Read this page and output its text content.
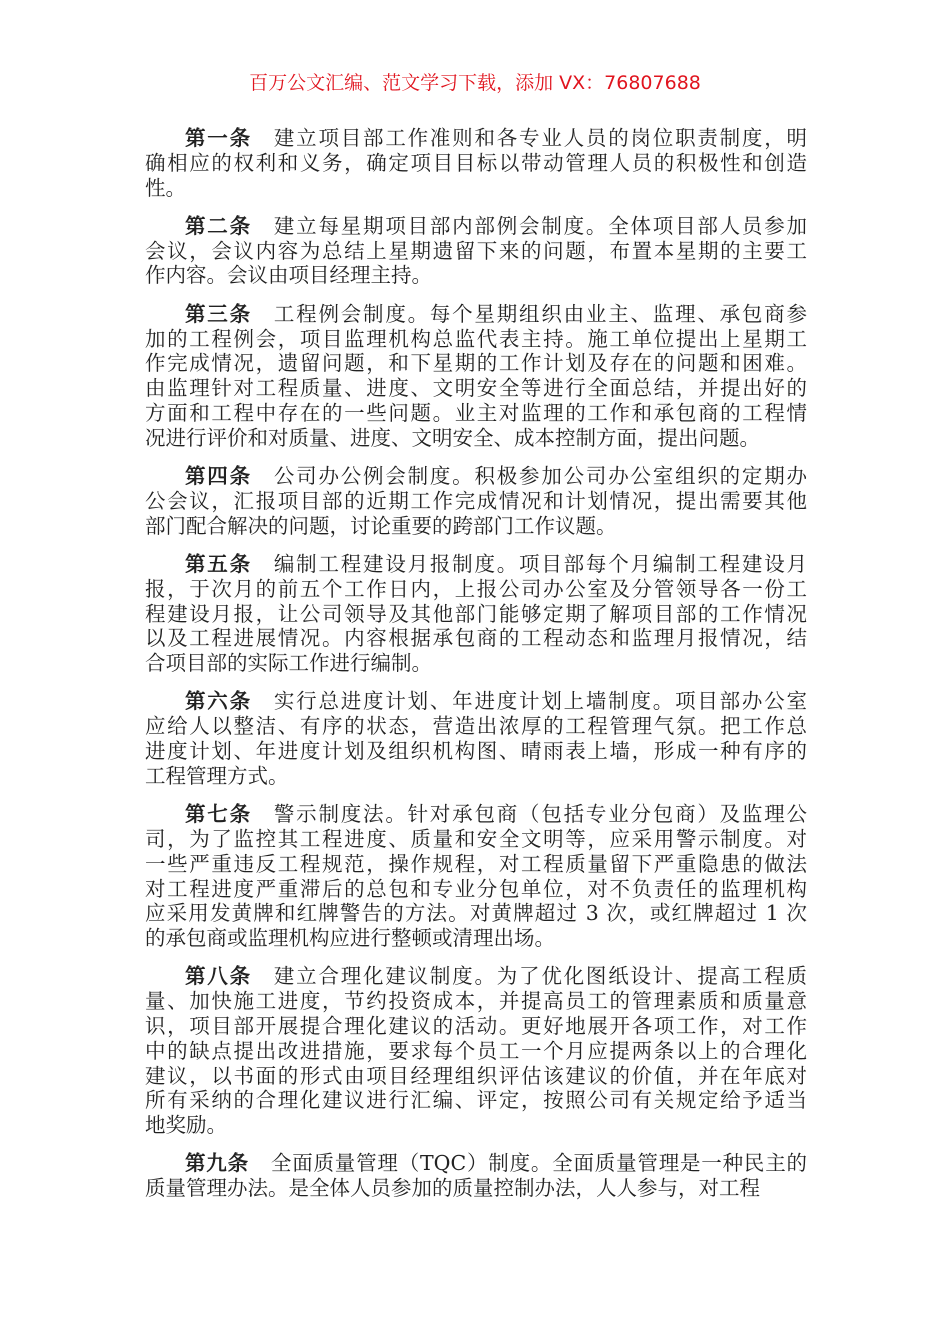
百万公文汇编、范文学习下载，添加 VX：76807688
第一条 建立项目部工作准则和各专业人员的岗位职责制度，明
确相应的权利和义务，确定项目目标以带动管理人员的积极性和创造
性。
第二条 建立每星期项目部内部例会制度。全体项目部人员参加
会议，会议内容为总结上星期遗留下来的问题，布置本星期的主要工
作内容。会议由项目经理主持。
第三条 工程例会制度。每个星期组织由业主、监理、承包商参
加的工程例会，项目监理机构总监代表主持。施工单位提出上星期工
作完成情况，遗留问题，和下星期的工作计划及存在的问题和困难。
由监理针对工程质量、进度、文明安全等进行全面总结，并提出好的
方面和工程中存在的一些问题。业主对监理的工作和承包商的工程情
况进行评价和对质量、进度、文明安全、成本控制方面，提出问题。
第四条 公司办公例会制度。积极参加公司办公室组织的定期办
公会议，汇报项目部的近期工作完成情况和计划情况，提出需要其他
部门配合解决的问题，讨论重要的跨部门工作议题。
第五条 编制工程建设月报制度。项目部每个月编制工程建设月
报，于次月的前五个工作日内，上报公司办公室及分管领导各一份工
程建设月报，让公司领导及其他部门能够定期了解项目部的工作情况
以及工程进展情况。内容根据承包商的工程动态和监理月报情况，结
合项目部的实际工作进行编制。
第六条 实行总进度计划、年进度计划上墙制度。项目部办公室
应给人以整洁、有序的状态，营造出浓厚的工程管理气氛。把工作总
进度计划、年进度计划及组织机构图、晴雨表上墙，形成一种有序的
工程管理方式。
第七条 警示制度法。针对承包商（包括专业分包商）及监理公
司，为了监控其工程进度、质量和安全文明等，应采用警示制度。对
一些严重违反工程规范，操作规程，对工程质量留下严重隐患的做法
对工程进度严重滞后的总包和专业分包单位，对不负责任的监理机构
应采用发黄牌和红牌警告的方法。对黄牌超过 3 次，或红牌超过 1 次
的承包商或监理机构应进行整顿或清理出场。
第八条 建立合理化建议制度。为了优化图纸设计、提高工程质
量、加快施工进度，节约投资成本，并提高员工的管理素质和质量意
识，项目部开展提合理化建议的活动。更好地展开各项工作，对工作
中的缺点提出改进措施，要求每个员工一个月应提两条以上的合理化
建议，以书面的形式由项目经理组织评估该建议的价值，并在年底对
所有采纳的合理化建议进行汇编、评定，按照公司有关规定给予适当
地奖励。
第九条 全面质量管理（TQC）制度。全面质量管理是一种民主的
质量管理办法。是全体人员参加的质量控制办法，人人参与，对工程
